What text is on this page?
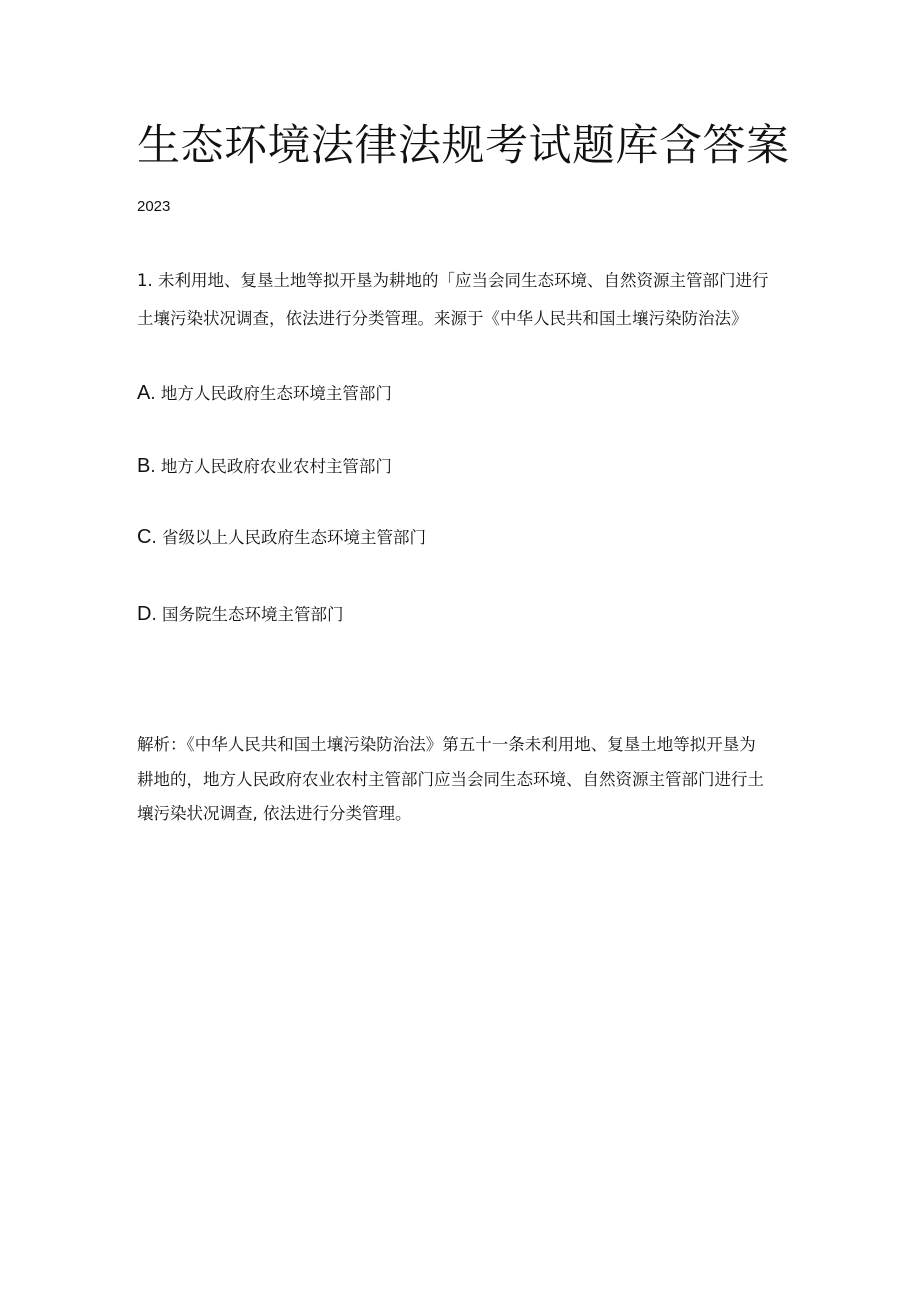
生态环境法律法规考试题库含答案
2023

1. 未利用地、复垦土地等拟开垦为耕地的「应当会同生态环境、自然资源主管部门进行

土壤污染状况调查，依法进行分类管理。来源于《中华人民共和国土壤污染防治法》

A. 地方人民政府生态环境主管部门
B. 地方人民政府农业农村主管部门
C. 省级以上人民政府生态环境主管部门
D. 国务院生态环境主管部门

解析：《中华人民共和国土壤污染防治法》第五十一条未利用地、复垦土地等拟开垦为

耕地的，地方人民政府农业农村主管部门应当会同生态环境、自然资源主管部门进行土

壤污染状况调查, 依法进行分类管理。
